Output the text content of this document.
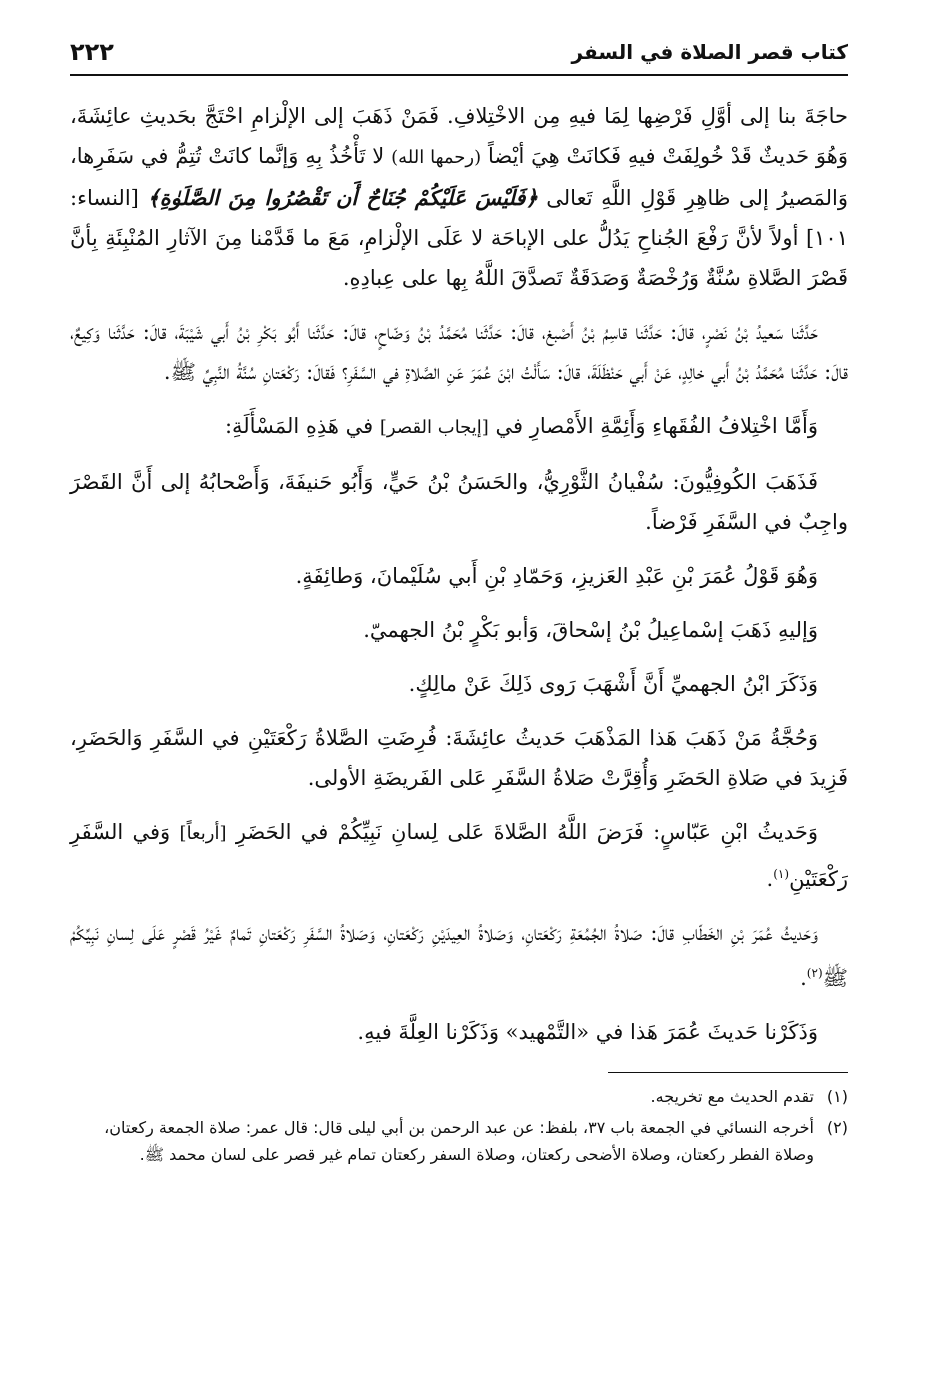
كتاب قصر الصلاة في السفر
٢٢٢

حاجَةَ بنا إلى أوَّلِ فَرْضِها لِمَا فيهِ مِن الاخْتِلافِ. فَمَنْ ذَهَبَ إلى الإلْزامِ احْتَجَّ بحَديثِ عائِشَةَ، وَهُوَ حَديثٌ قَدْ خُولِفَتْ فيهِ فَكانَتْ هِيَ أيْضاً (رحمها الله) لا تَأْخُذُ بِهِ وَإنَّما كانَتْ تُتِمُّ في سَفَرِها، وَالمَصيرُ إلى ظاهِرِ قَوْلِ اللَّهِ تَعالى ﴿فَلَيْسَ عَلَيْكُمْ جُنَاحٌ أَن تَقْصُرُوا مِنَ الصَّلَوٰةِ﴾ [النساء: ١٠١] أولاً لأنَّ رَفْعَ الجُناحِ يَدُلُّ على الإباحَة لا عَلَى الإلْزامِ، مَعَ ما قَدَّمْنا مِنَ الآثارِ المُنْبِئَةِ بِأنَّ قَصْرَ الصَّلاةِ سُنَّةٌ وَرُخْصَةٌ وَصَدَقَةٌ تَصدَّقَ اللَّهُ بِها على عِبادِهِ.

حَدَّثَنا سَعيدُ بْنُ نَصْرٍ، قالَ: حَدَّثَنا قاسِمُ بْنُ أَصْبغ، قالَ: حَدَّثَنا مُحَمَّدُ بْنُ وَضّاحٍ، قالَ: حَدَّثَنا أَبُو بَكْرِ بْنُ أَبي شَيْبَةَ، قالَ: حَدَّثَنا وَكِيعٌ، قالَ: حَدَّثَنا مُحَمَّدُ بْنُ أَبي خالِدٍ، عَنْ أَبي حَنْظَلَةَ، قالَ: سَأَلْتُ ابْنَ عُمَرَ عَنِ الصَّلاةِ في السَّفَرِ؟ فَقالَ: رَكْعَتانِ سُنَّةُ النَّبِيِّ ﷺ.

وَأَمَّا اخْتِلافُ الفُقَهاءِ وَأَئِمَّةِ الأَمْصارِ في [إيجاب القصر] في هَذِهِ المَسْأَلَةِ:

فَذَهَبَ الكُوفِيُّونَ: سُفْيانُ الثَّوْرِيُّ، والحَسَنُ بْنُ حَيٍّ، وَأَبُو حَنيفَةَ، وَأَصْحابُهُ إلى أَنَّ القَصْرَ واجِبٌ في السَّفَرِ فَرْضاً.

وَهُوَ قَوْلُ عُمَرَ بْنِ عَبْدِ العَزيزِ، وَحَمّادِ بْنِ أَبي سُلَيْمانَ، وَطائِفَةٍ.

وَإليهِ ذَهَبَ إسْماعِيلُ بْنُ إسْحاقَ، وَأبو بَكْرٍ بْنُ الجهميّ.

وَذَكَرَ ابْنُ الجهميِّ أَنَّ أَشْهَبَ رَوى ذَلِكَ عَنْ مالِكٍ.

وَحُجَّةُ مَنْ ذَهَبَ هَذا المَذْهَبَ حَديثُ عائِشَةَ: فُرِضَتِ الصَّلاةُ رَكْعَتَيْنِ في السَّفَرِ وَالحَضَرِ، فَزِيدَ في صَلاةِ الحَضَرِ وَأُقِرَّتْ صَلاةُ السَّفَرِ عَلى الفَريضَةِ الأولى.

وَحَديثُ ابْنِ عَبّاسٍ: فَرَضَ اللَّهُ الصَّلاةَ عَلى لِسانِ نَبِيِّكُمْ في الحَضَرِ [أربعاً] وَفي السَّفَرِ رَكْعَتَيْنِ$^{(١)}$.

وَحَديثُ عُمَرَ بْنِ الخَطّابِ قالَ: صَلاةُ الجُمُعَةِ رَكْعَتانِ، وَصَلاةُ العِيدَيْنِ رَكْعَتانِ، وَصَلاةُ السَّفَرِ رَكْعَتانِ تَمامٌ غَيْرُ قَصْرٍ عَلَى لِسانِ نَبِيِّكُمْ ﷺ$^{(٢)}$.

وَذَكَرْنا حَديثَ عُمَرَ هَذا في «التَّمْهيد» وَذَكَرْنا العِلَّةَ فيهِ.

(١)
تقدم الحديث مع تخريجه.
(٢)
أخرجه النسائي في الجمعة باب ٣٧، بلفظ: عن عبد الرحمن بن أبي ليلى قال: قال عمر: صلاة الجمعة ركعتان، وصلاة الفطر ركعتان، وصلاة الأضحى ركعتان، وصلاة السفر ركعتان تمام غير قصر على لسان محمد ﷺ.
